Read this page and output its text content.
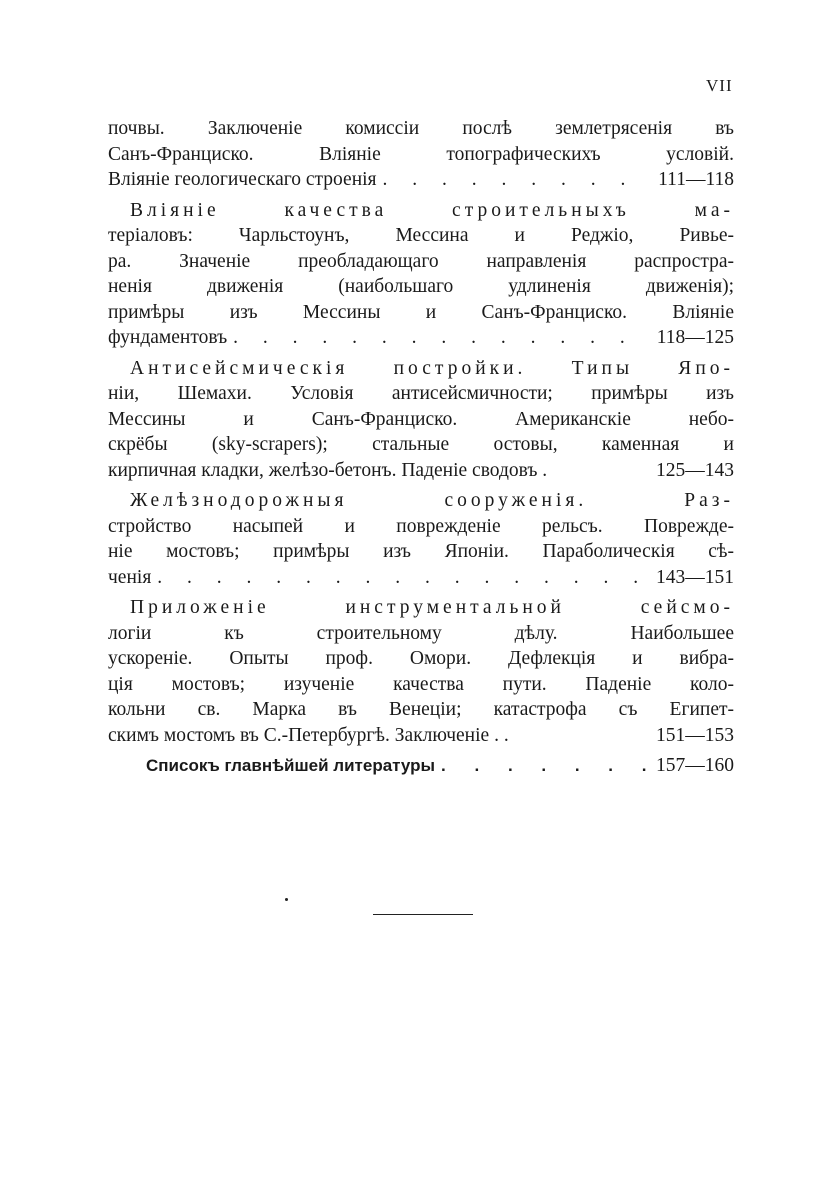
VII
почвы. Заключеніе комиссіи послѣ землетрясенія въ
Санъ-Франциско. Вліяніе топографическихъ условій.
Вліяніе геологическаго строенія . . .	111—118
Вліяніе качества строительныхъ ма-
теріаловъ: Чарльстоунъ, Мессина и Реджіо, Ривье-
ра. Значеніе преобладающаго направленія распростра-
ненія движенія (наибольшаго удлиненія движенія);
примѣры изъ Мессины и Санъ-Франциско. Вліяніе
фундаментовъ . . .	118—125
Антисейсмическія постройки. Типы Япо-
ніи, Шемахи. Условія антисейсмичности; примѣры изъ
Мессины и Санъ-Франциско. Американскіе небо-
скрёбы (sky-scrapers); стальные остовы, каменная и
кирпичная кладки, желѣзо-бетонъ. Паденіе сводовъ .	125—143
Желѣзнодорожныя сооруженія. Раз-
стройство насыпей и поврежденіе рельсъ. Поврежде-
ніе мостовъ; примѣры изъ Японіи. Параболическія сѣ-
ченія . . .	143—151
Приложеніе инструментальной сейсмо-
логіи къ строительному дѣлу. Наибольшее
ускореніе. Опыты проф. Омори. Дефлекція и вибра-
ція мостовъ; изученіе качества пути. Паденіе коло-
кольни св. Марка въ Венеціи; катастрофа съ Египет-
скимъ мостомъ въ С.-Петербургѣ. Заключеніе . .	151—153
Списокъ главнѣйшей литературы . . .	157—160
